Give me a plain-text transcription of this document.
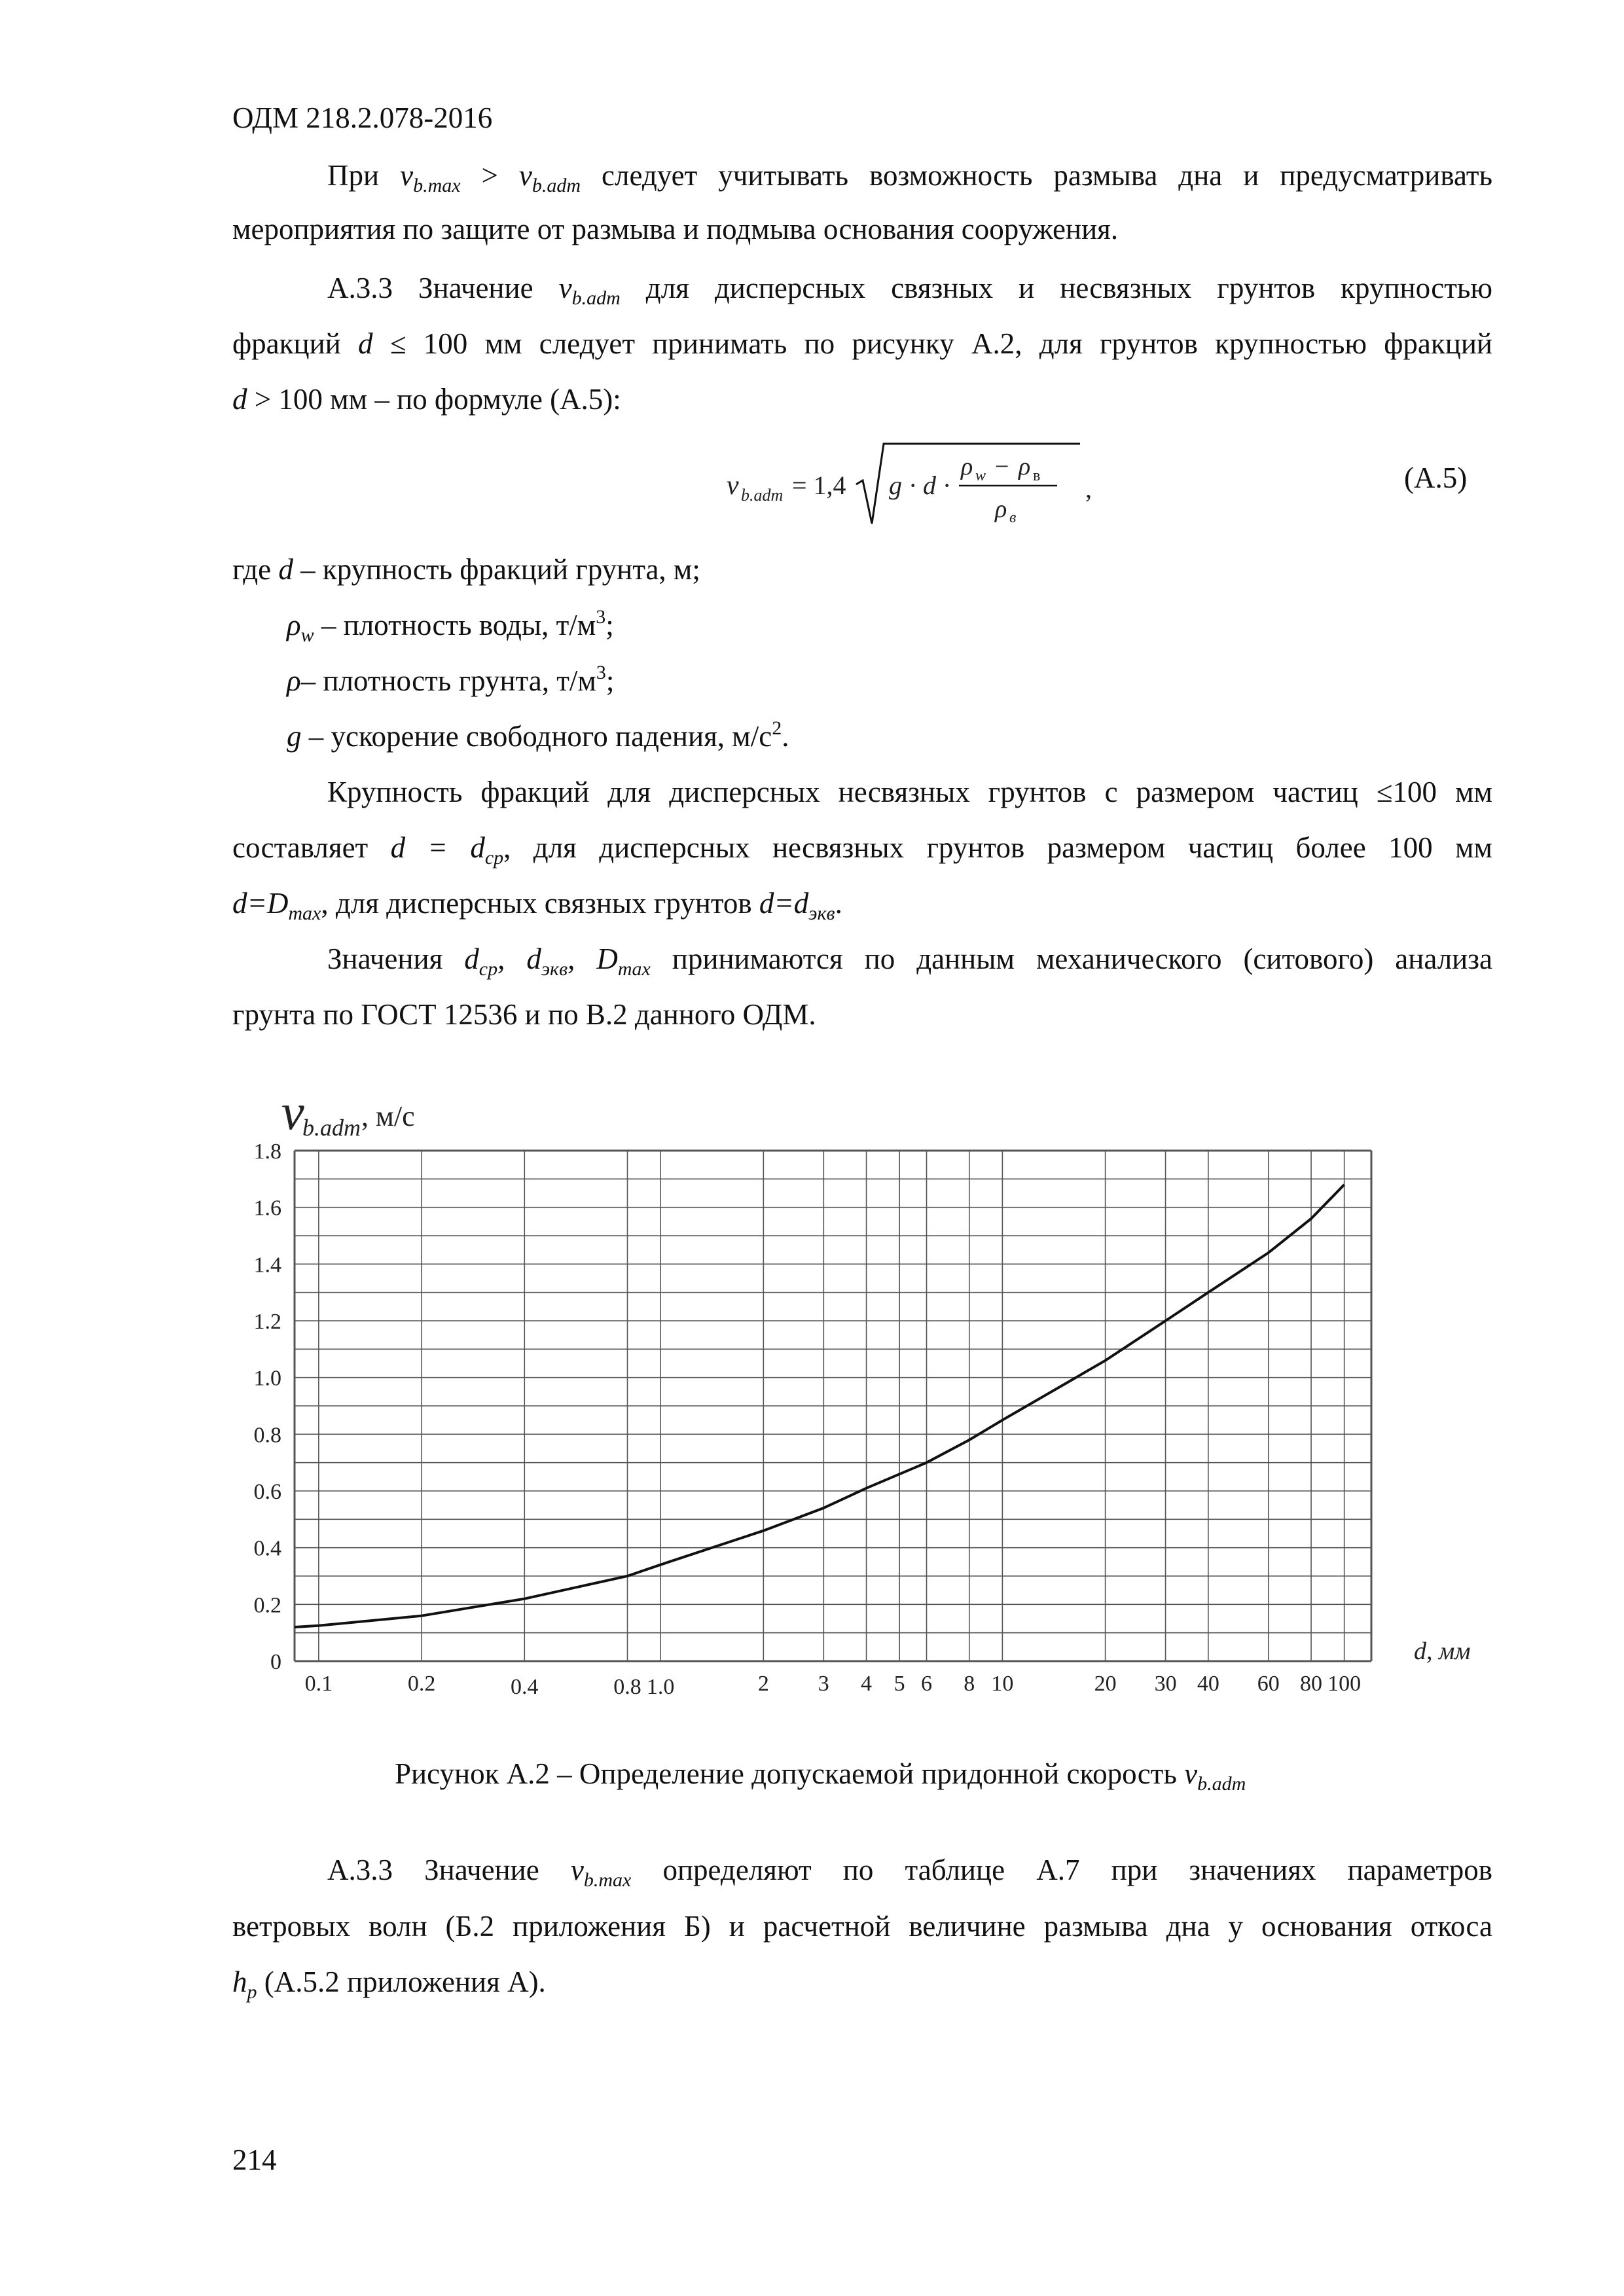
ОДМ 218.2.078-2016
При $v_{b.max} > v_{b.adm}$ следует учитывать возможность размыва дна и предусматривать
мероприятия по защите от размыва и подмыва основания сооружения.
А.3.3 Значение $v_{b.adm}$ для дисперсных связных и несвязных грунтов крупностью
фракций d ≤ 100 мм следует принимать по рисунку А.2, для грунтов крупностью фракций
d > 100 мм – по формуле (А.5):
v b.adm = 1,4 g · d ·
ρ w − ρ в
ρ в
,	(А.5)
где d – крупность фракций грунта, м;
$\rho_w$ – плотность воды, $т/м^3$;
ρ– плотность грунта, $т/м^3$;
g – ускорение свободного падения, $м/с^2$.
Крупность фракций для дисперсных несвязных грунтов с размером частиц ≤100 мм
составляет $d = d_{ср}$, для дисперсных несвязных грунтов размером частиц более 100 мм
$d=D_{max}$, для дисперсных связных грунтов $d=d_{экв}$.
Значения $d_{ср}$, $d_{экв}$, $D_{max}$ принимаются по данным механического (ситового) анализа
грунта по ГОСТ 12536 и по В.2 данного ОДМ.
0
0.2
0.4
0.6
0.8
1.0
1.2
1.4
1.6
1.8
0.1	0.2	0.4	0.8 1.0	2 3 4 5 6 8 10	20 30 40 60 80 100
v
b.adm , м/с
d, мм
Рисунок А.2 – Определение допускаемой придонной скорость $v_{b.adm}$
А.3.3 Значение $v_{b.max}$ определяют по таблице А.7 при значениях параметров
ветровых волн (Б.2 приложения Б) и расчетной величине размыва дна у основания откоса
$h_p$ (А.5.2 приложения А).
214
